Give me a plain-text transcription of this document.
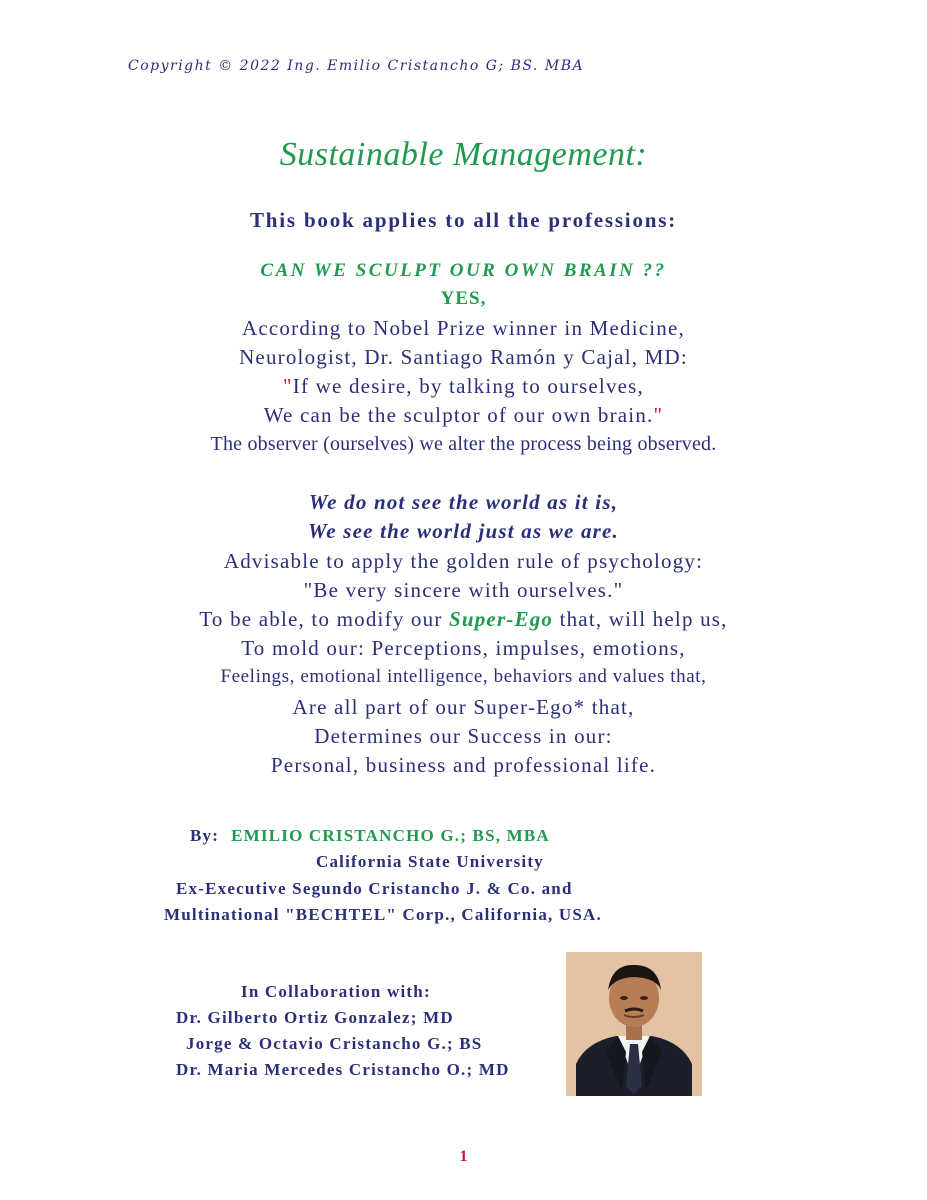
Copyright © 2022 Ing. Emilio Cristancho G; BS. MBA
Sustainable Management:
This book applies to all the professions:
CAN WE SCULPT OUR OWN BRAIN ??
YES,
According to Nobel Prize winner in Medicine,
Neurologist, Dr. Santiago Ramón y Cajal, MD:
"If we desire, by talking to ourselves,
We can be the sculptor of our own brain."
The observer (ourselves) we alter the process being observed.
We do not see the world as it is,
We see the world just as we are.
Advisable to apply the golden rule of psychology:
"Be very sincere with ourselves."
To be able, to modify our Super-Ego that, will help us,
To mold our: Perceptions, impulses, emotions,
Feelings, emotional intelligence, behaviors and values that,
Are all part of our Super-Ego* that,
Determines our Success in our:
Personal, business and professional life.
By: EMILIO CRISTANCHO G.; BS, MBA
California State University
Ex-Executive Segundo Cristancho J. & Co. and
Multinational "BECHTEL" Corp., California, USA.
In Collaboration with:
Dr. Gilberto Ortiz Gonzalez; MD
Jorge & Octavio Cristancho G.; BS
Dr. Maria Mercedes Cristancho O.; MD
1
